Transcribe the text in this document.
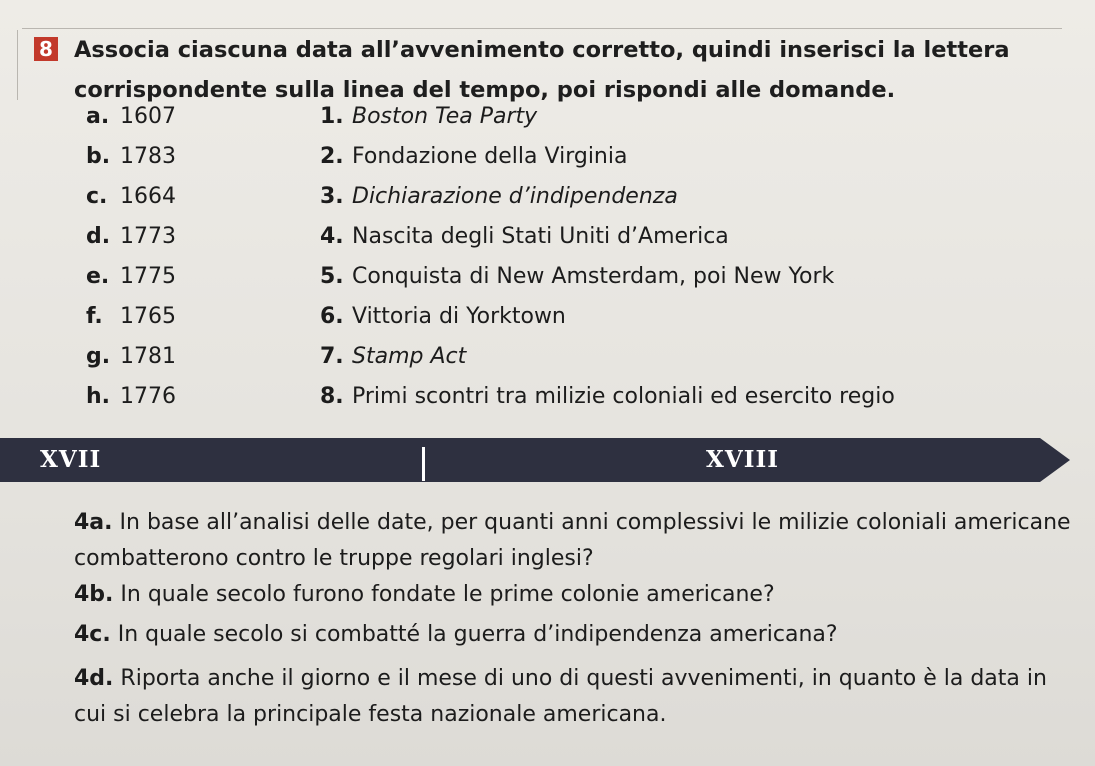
8 Associa ciascuna data all’avvenimento corretto, quindi inserisci la lettera corrispondente sulla linea del tempo, poi rispondi alle domande.
a. 1607	1. Boston Tea Party
b. 1783	2. Fondazione della Virginia
c. 1664	3. Dichiarazione d’indipendenza
d. 1773	4. Nascita degli Stati Uniti d’America
e. 1775	5. Conquista di New Amsterdam, poi New York
f. 1765	6. Vittoria di Yorktown
g. 1781	7. Stamp Act
h. 1776	8. Primi scontri tra milizie coloniali ed esercito regio
XVII	XVIII
4a. In base all’analisi delle date, per quanti anni complessivi le milizie coloniali americane combatterono contro le truppe regolari inglesi?
4b. In quale secolo furono fondate le prime colonie americane?
4c. In quale secolo si combatté la guerra d’indipendenza americana?
4d. Riporta anche il giorno e il mese di uno di questi avvenimenti, in quanto è la data in cui si celebra la principale festa nazionale americana.
